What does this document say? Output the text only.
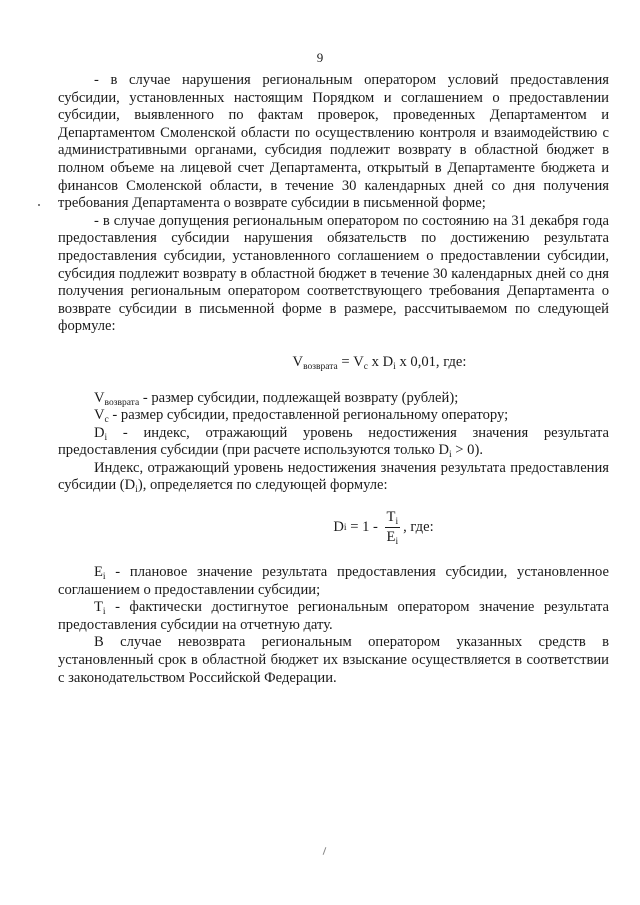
9

- в случае нарушения региональным оператором условий предоставления субсидии, установленных настоящим Порядком и соглашением о предоставлении субсидии, выявленного по фактам проверок, проведенных Департаментом и Департаментом Смоленской области по осуществлению контроля и взаимодействию с административными органами, субсидия подлежит возврату в областной бюджет в полном объеме на лицевой счет Департамента, открытый в Департаменте бюджета и финансов Смоленской области, в течение 30 календарных дней со дня получения требования Департамента о возврате субсидии в письменной форме;

- в случае допущения региональным оператором по состоянию на 31 декабря года предоставления субсидии нарушения обязательств по достижению результата предоставления субсидии, установленного соглашением о предоставлении субсидии, субсидия подлежит возврату в областной бюджет в течение 30 календарных дней со дня получения региональным оператором соответствующего требования Департамента о возврате субсидии в письменной форме в размере, рассчитываемом по следующей формуле:

$V_{возврата} = V_c$ x $D_i$ x 0,01, где:

$V_{возврата}$ - размер субсидии, подлежащей возврату (рублей);

$V_c$ - размер субсидии, предоставленной региональному оператору;

$D_i$ - индекс, отражающий уровень недостижения значения результата предоставления субсидии (при расчете используются только $D_i > 0$).

Индекс, отражающий уровень недостижения значения результата предоставления субсидии $(D_i)$, определяется по следующей формуле:

D $i = 1 - \frac{T_i}{E_i}$ , где:

$E_i$ - плановое значение результата предоставления субсидии, установленное соглашением о предоставлении субсидии;

$T_i$ - фактически достигнутое региональным оператором значение результата предоставления субсидии на отчетную дату.

В случае невозврата региональным оператором указанных средств в установленный срок в областной бюджет их взыскание осуществляется в соответствии с законодательством Российской Федерации.
